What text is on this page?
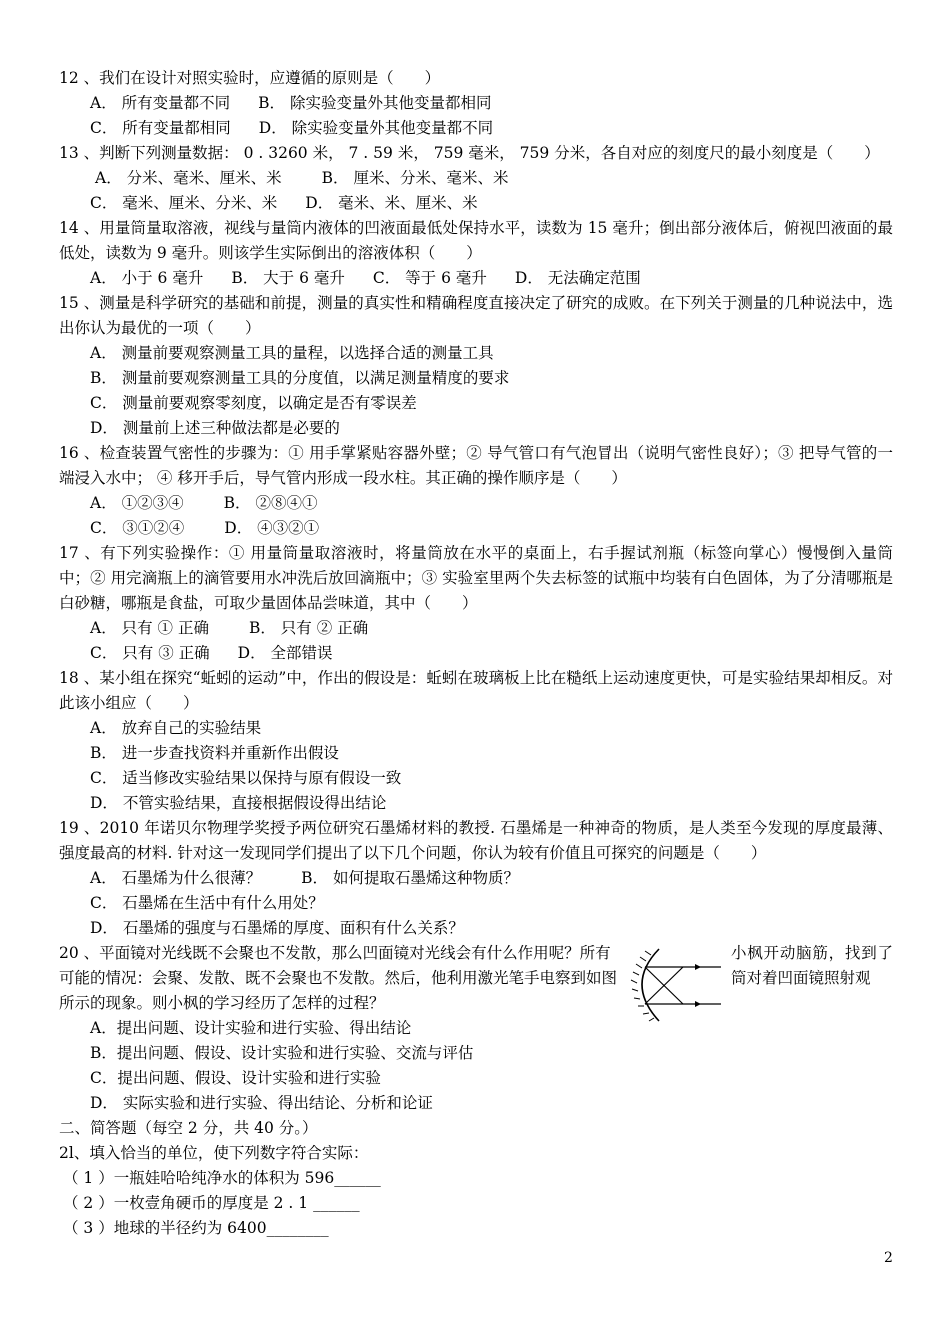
12 、我们在设计对照实验时，应遵循的原则是（　　）
A． 所有变量都不同 B． 除实验变量外其他变量都相同
C． 所有变量都相同 D． 除实验变量外其他变量都不同
13 、判断下列测量数据： 0 . 3260 米， 7 . 59 米， 759 毫米， 759 分米，各自对应的刻度尺的最小刻度是（　　）
A． 分米、毫米、厘米、米	B． 厘米、分米、毫米、米
C． 毫米、厘米、分米、米 D． 毫米、米、厘米、米
14 、用量筒量取溶液，视线与量筒内液体的凹液面最低处保持水平，读数为 15 毫升；倒出部分液体后，俯视凹液面的最低处，读数为 9 毫升。则该学生实际倒出的溶液体积（　　）
A． 小于 6 毫升 B． 大于 6 毫升 C． 等于 6 毫升 D． 无法确定范围
15 、测量是科学研究的基础和前提，测量的真实性和精确程度直接决定了研究的成败。在下列关于测量的几种说法中，选出你认为最优的一项（　　）
A． 测量前要观察测量工具的量程，以选择合适的测量工具
B． 测量前要观察测量工具的分度值，以满足测量精度的要求
C． 测量前要观察零刻度，以确定是否有零误差
D． 测量前上述三种做法都是必要的
16 、检查装置气密性的步骤为：① 用手掌紧贴容器外壁；② 导气管口有气泡冒出（说明气密性良好）；③ 把导气管的一端浸入水中； ④ 移开手后，导气管内形成一段水柱。其正确的操作顺序是（　　）
A． ①②③④	B． ②⑧④①
C． ③①②④	D． ④③②①
17 、有下列实验操作：① 用量筒量取溶液时，将量筒放在水平的桌面上，右手握试剂瓶（标签向掌心）慢慢倒入量筒中；② 用完滴瓶上的滴管要用水冲洗后放回滴瓶中；③ 实验室里两个失去标签的试瓶中均装有白色固体，为了分清哪瓶是白砂糖，哪瓶是食盐，可取少量固体品尝味道，其中（　　）
A． 只有 ① 正确	B． 只有 ② 正确
C． 只有 ③ 正确 D． 全部错误
18 、某小组在探究“蚯蚓的运动”中，作出的假设是：蚯蚓在玻璃板上比在糙纸上运动速度更快，可是实验结果却相反。对此该小组应（　　）
A． 放弃自己的实验结果
B． 进一步查找资料并重新作出假设
C． 适当修改实验结果以保持与原有假设一致
D． 不管实验结果，直接根据假设得出结论
19 、2010 年诺贝尔物理学奖授予两位研究石墨烯材料的教授. 石墨烯是一种神奇的物质，是人类至今发现的厚度最薄、强度最高的材料. 针对这一发现同学们提出了以下几个问题，你认为较有价值且可探究的问题是（　　）
A． 石墨烯为什么很薄？	B． 如何提取石墨烯这种物质？
C． 石墨烯在生活中有什么用处？
D． 石墨烯的强度与石墨烯的厚度、面积有什么关系？
20 、平面镜对光线既不会聚也不发散，那么凹面镜对光线会有什么作用呢？所有可能的情况：会聚、发散、既不会聚也不发散。然后，他利用激光笔手电察到如图所示的现象。则小枫的学习经历了怎样的过程？
小枫开动脑筋，找到了筒对着凹面镜照射观
A．提出问题、设计实验和进行实验、得出结论
B．提出问题、假设、设计实验和进行实验、交流与评估
C．提出问题、假设、设计实验和进行实验
D． 实际实验和进行实验、得出结论、分析和论证
二、简答题（每空 2 分，共 40 分。）
2l、填入恰当的单位，使下列数字符合实际：
（ 1 ）一瓶娃哈哈纯净水的体积为 596______
（ 2 ）一枚壹角硬币的厚度是 2 . 1 ______
（ 3 ）地球的半径约为 6400________
2
